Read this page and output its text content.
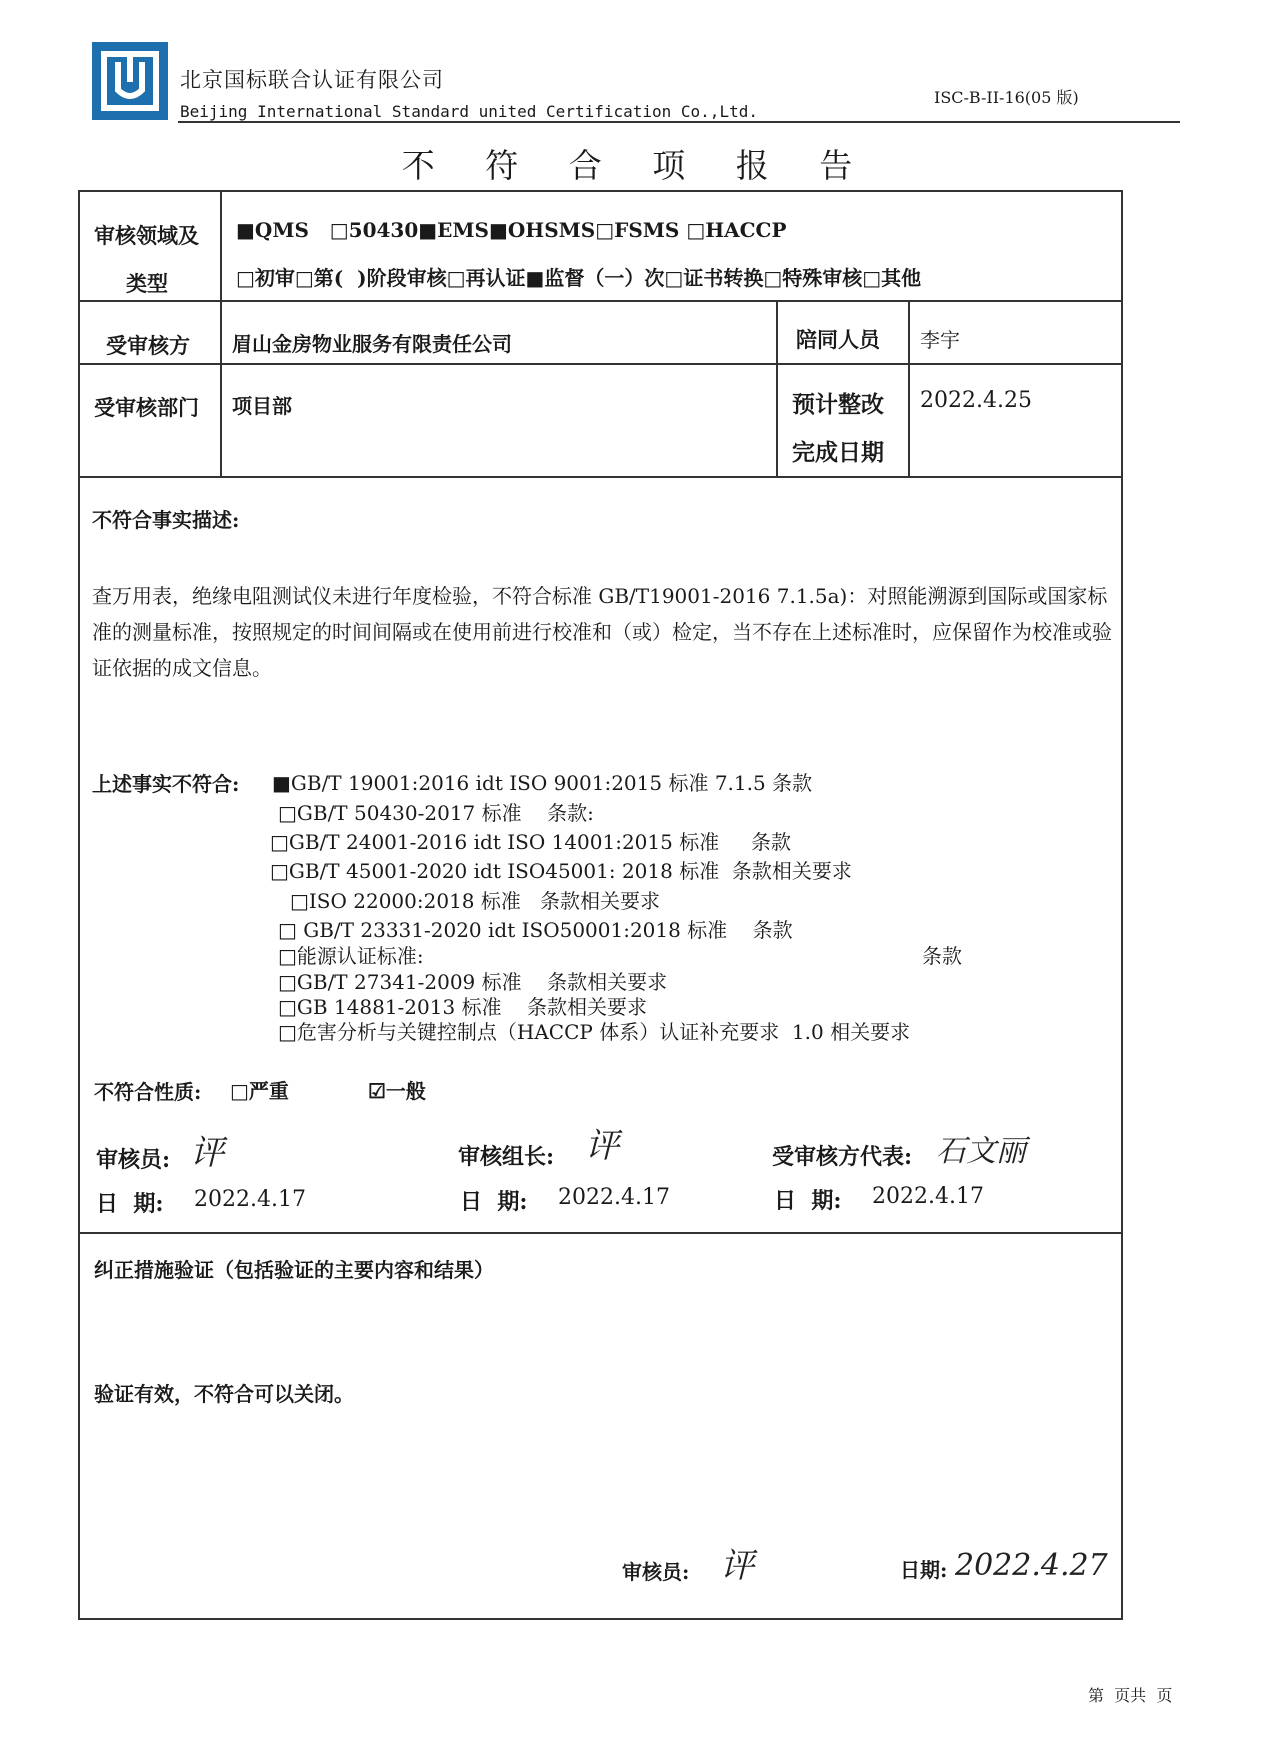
北京国标联合认证有限公司
Beijing International Standard united Certification Co.,Ltd.
ISC-B-II-16(05 版)
不 符 合 项 报 告
审核领域及
类型
■QMS   □50430■EMS■OHSMS□FSMS □HACCP
□初审□第(  )阶段审核□再认证■监督（一）次□证书转换□特殊审核□其他
受审核方 眉山金房物业服务有限责任公司	陪同人员 李宇
受审核部门 项目部	预计整改
完成日期
2022.4.25
不符合事实描述:
查万用表，绝缘电阻测试仪未进行年度检验，不符合标准 GB/T19001-2016 7.1.5a)：对照能溯源到国际或国家标准的测量标准，按照规定的时间间隔或在使用前进行校准和（或）检定，当不存在上述标准时，应保留作为校准或验证依据的成文信息。
上述事实不符合: ■GB/T 19001:2016 idt ISO 9001:2015 标准 7.1.5 条款
□GB/T 50430-2017 标准    条款:
□GB/T 24001-2016 idt ISO 14001:2015 标准     条款
□GB/T 45001-2020 idt ISO45001: 2018 标准  条款相关要求
□ISO 22000:2018 标准   条款相关要求
□ GB/T 23331-2020 idt ISO50001:2018 标准    条款
□能源认证标准:	条款
□GB/T 27341-2009 标准    条款相关要求
□GB 14881-2013 标准    条款相关要求
□危害分析与关键控制点（HACCP 体系）认证补充要求  1.0 相关要求
不符合性质: □严重	☑一般
审核员: 评	审核组长: 评	受审核方代表: 石文丽
日  期: 2022.4.17	日  期: 2022.4.17	日  期: 2022.4.17
纠正措施验证（包括验证的主要内容和结果）
验证有效，不符合可以关闭。
审核员: 评	日期: 2022.4.27
第  页共  页
